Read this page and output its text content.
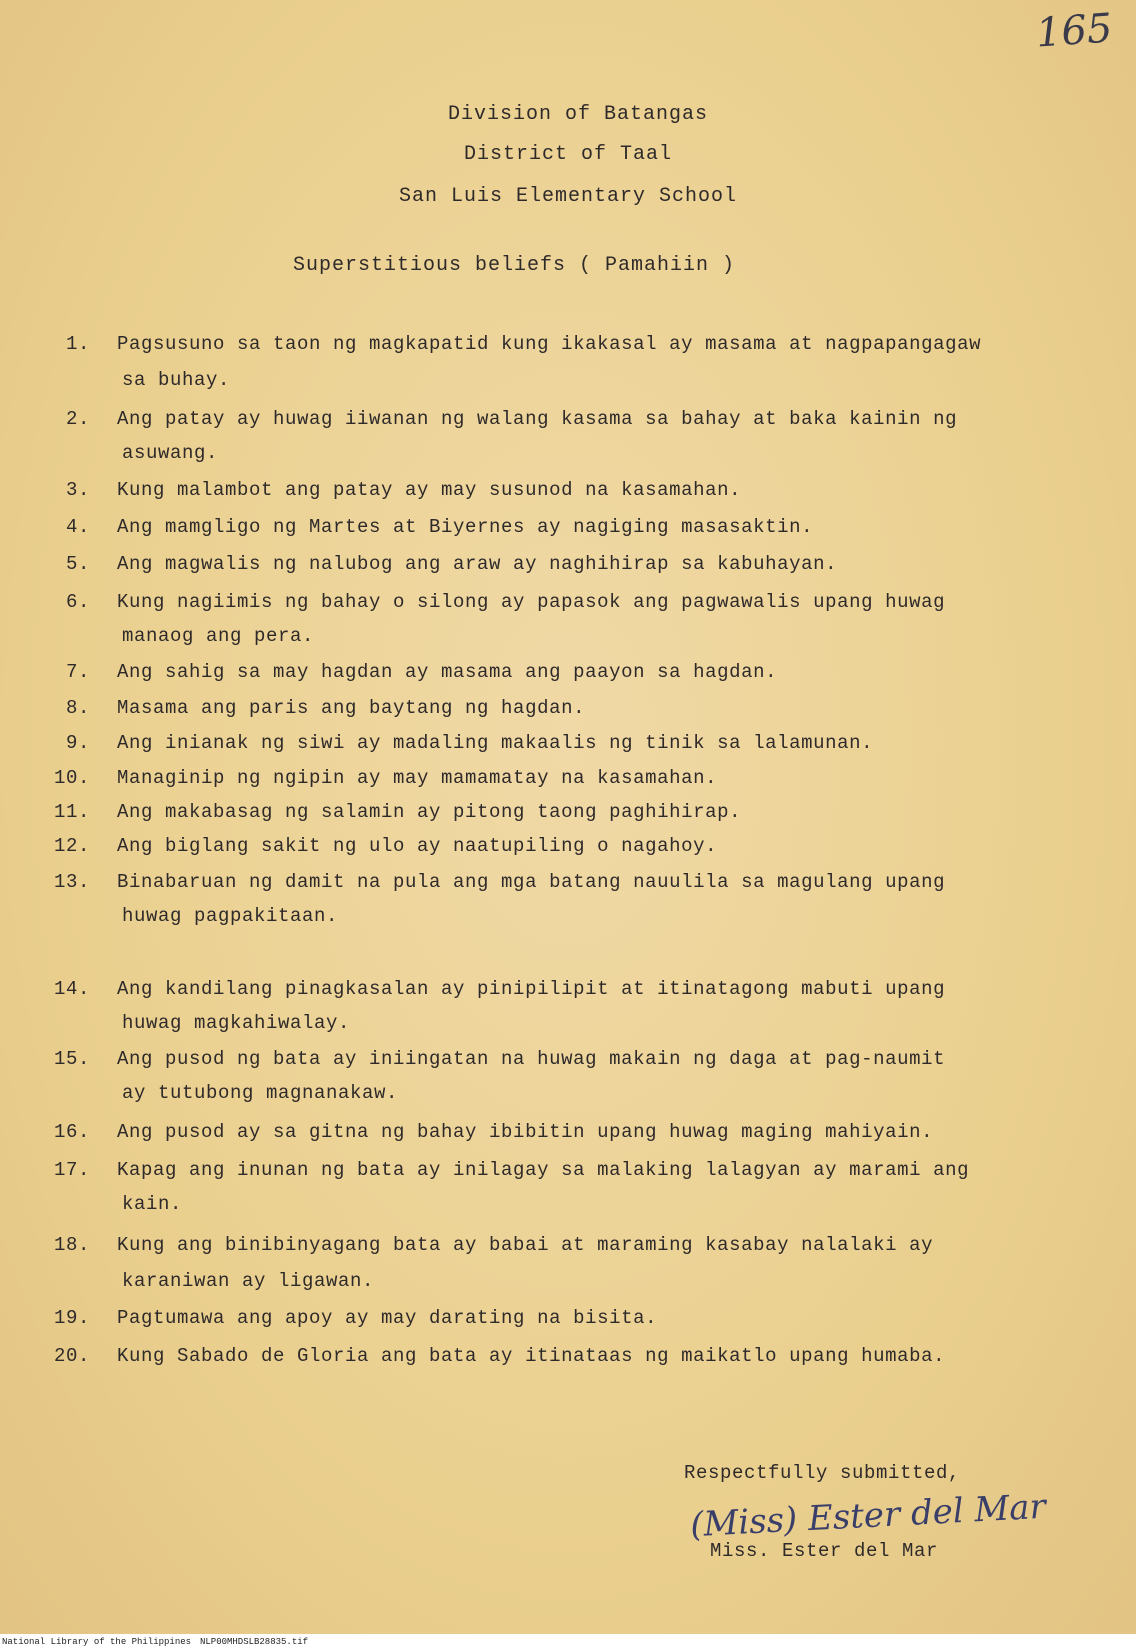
165
Division of Batangas
District of Taal
San Luis Elementary School
Superstitious beliefs ( Pamahiin )
1. Pagsusuno sa taon ng magkapatid kung ikakasal ay masama at nagpapangagaw
sa buhay.
2. Ang patay ay huwag iiwanan ng walang kasama sa bahay at baka kainin ng
asuwang.
3. Kung malambot ang patay ay may susunod na kasamahan.
4. Ang mamgligo ng Martes at Biyernes ay nagiging masasaktin.
5. Ang magwalis ng nalubog ang araw ay naghihirap sa kabuhayan.
6. Kung nagiimis ng bahay o silong ay papasok ang pagwawalis upang huwag
manaog ang pera.
7. Ang sahig sa may hagdan ay masama ang paayon sa hagdan.
8. Masama ang paris ang baytang ng hagdan.
9. Ang inianak ng siwi ay madaling makaalis ng tinik sa lalamunan.
10. Managinip ng ngipin ay may mamamatay na kasamahan.
11. Ang makabasag ng salamin ay pitong taong paghihirap.
12. Ang biglang sakit ng ulo ay naatupiling o nagahoy.
13. Binabaruan ng damit na pula ang mga batang nauulila sa magulang upang
huwag pagpakitaan.
14. Ang kandilang pinagkasalan ay pinipilipit at itinatagong mabuti upang
huwag magkahiwalay.
15. Ang pusod ng bata ay iniingatan na huwag makain ng daga at pag-naumit
ay tutubong magnanakaw.
16. Ang pusod ay sa gitna ng bahay ibibitin upang huwag maging mahiyain.
17. Kapag ang inunan ng bata ay inilagay sa malaking lalagyan ay marami ang
kain.
18. Kung ang binibinyagang bata ay babai at maraming kasabay nalalaki ay
karaniwan ay ligawan.
19. Pagtumawa ang apoy ay may darating na bisita.
20. Kung Sabado de Gloria ang bata ay itinataas ng maikatlo upang humaba.
Respectfully submitted,
(Miss) Ester del Mar
Miss. Ester del Mar
National Library of the Philippines NLP00MHDSLB28835.tif
